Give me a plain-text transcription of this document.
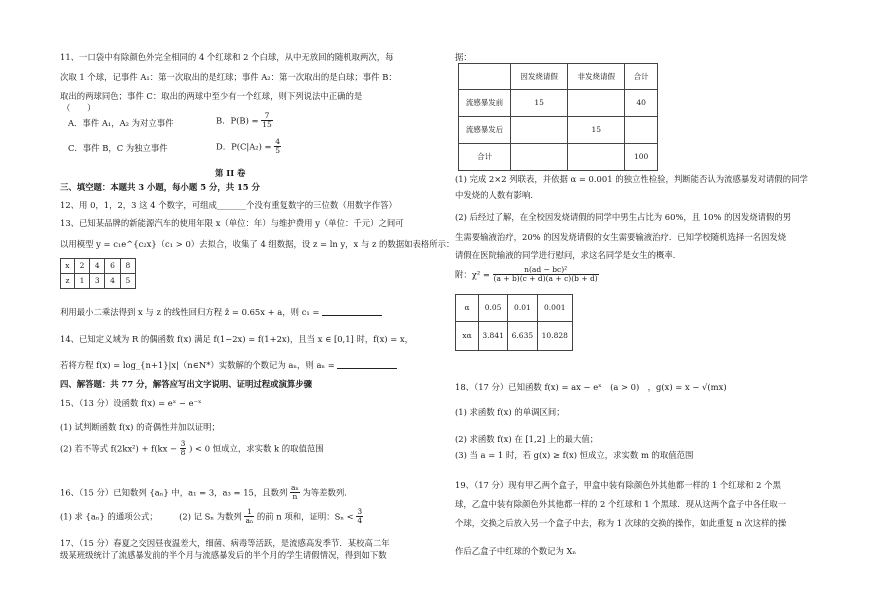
11、一口袋中有除颜色外完全相同的 4 个红球和 2 个白球，从中无放回的随机取两次，每
次取 1 个球，记事件 A₁：第一次取出的是红球；事件 A₂：第一次取出的是白球；事件 B：
取出的两球同色；事件 C：取出的两球中至少有一个红球，则下列说法中正确的是
（　　）
A．事件 A₁，A₂ 为对立事件	B．$P(B) = \frac{7}{15}$
C．事件 B，C 为独立事件	D．$P(C|A_2) = \frac{4}{5}$
第 II 卷
三、填空题：本题共 3 小题，每小题 5 分，共 15 分
12、用 0，1，2，3 这 4 个数字，可组成_______个没有重复数字的三位数（用数字作答）
13、已知某品牌的新能源汽车的使用年限 x（单位：年）与维护费用 y（单位：千元）之间可
以用模型 y = c₁e^{c₂x}（c₁ > 0）去拟合，收集了 4 组数据，设 z = ln y，x 与 z 的数据如表格所示：
x	2	4	6	8
z	1	3	4	5
利用最小二乘法得到 x 与 z 的线性回归方程 ẑ = 0.65x + a，则 c₁ =
14、已知定义域为 R 的偶函数 f(x) 满足 f(1−2x) = f(1+2x)，且当 x ∈ [0,1] 时，f(x) = x，
若将方程 f(x) = log_{n+1}|x|（n∈N*）实数解的个数记为 aₙ，则 aₙ =
四、解答题：共 77 分，解答应写出文字说明、证明过程或演算步骤
15、（13 分）设函数 f(x) = eˣ − e⁻ˣ
(1) 试判断函数 f(x) 的奇偶性并加以证明；
(2) 若不等式 $f(2kx^2) + f(kx - \frac{3}{8}$ ) < 0 恒成立，求实数 k 的取值范围
16、（15 分）已知数列 {aₙ} 中，a₁ = 3，a₃ = 15，且数列 $\frac{\text{aₙ}}{n}$ 为等差数列．
(1) 求 {aₙ} 的通项公式；	(2) 记 Sₙ 为数列 $\frac{1}{\text{aₙ}}$ 的前 n 项和，证明：$S_n < \frac{3}{4}$
17、（15 分）春夏之交因昼夜温差大，细菌、病毒等活跃，是流感高发季节．某校高二年
级某班级统计了流感暴发前的半个月与流感暴发后的半个月的学生请假情况，得到如下数
据：
	因发烧请假	非发烧请假	合计
流感暴发前	15		40
流感暴发后		15	
合计			100
(1) 完成 2×2 列联表，并依据 α = 0.001 的独立性检验，判断能否认为流感暴发对请假的同学
中发烧的人数有影响．
(2) 后经过了解，在全校因发烧请假的同学中男生占比为 60%，且 10% 的因发烧请假的男
生需要输液治疗，20% 的因发烧请假的女生需要输液治疗．已知学校随机选择一名因发烧
请假在医院输液的同学进行慰问，求这名同学是女生的概率．
附：$\chi^2 = \frac{\text{n(ad − bc)²}}{(a + b)(c + d)(a + c)(b + d)}$
α	0.05	0.01	0.001
xα	3.841	6.635	10.828
18、（17 分）已知函数 f(x) = ax − eˣ　(a > 0)　，g(x) = x − √(mx)
(1) 求函数 f(x) 的单调区间；
(2) 求函数 f(x) 在 [1,2] 上的最大值；
(3) 当 a = 1 时，若 g(x) ≥ f(x) 恒成立，求实数 m 的取值范围
19、（17 分）现有甲乙两个盒子，甲盒中装有除颜色外其他都一样的 1 个红球和 2 个黑
球，乙盒中装有除颜色外其他都一样的 2 个红球和 1 个黑球．现从这两个盒子中各任取一
个球，交换之后放入另一个盒子中去，称为 1 次球的交换的操作，如此重复 n 次这样的操
作后乙盒子中红球的个数记为 Xₙ
